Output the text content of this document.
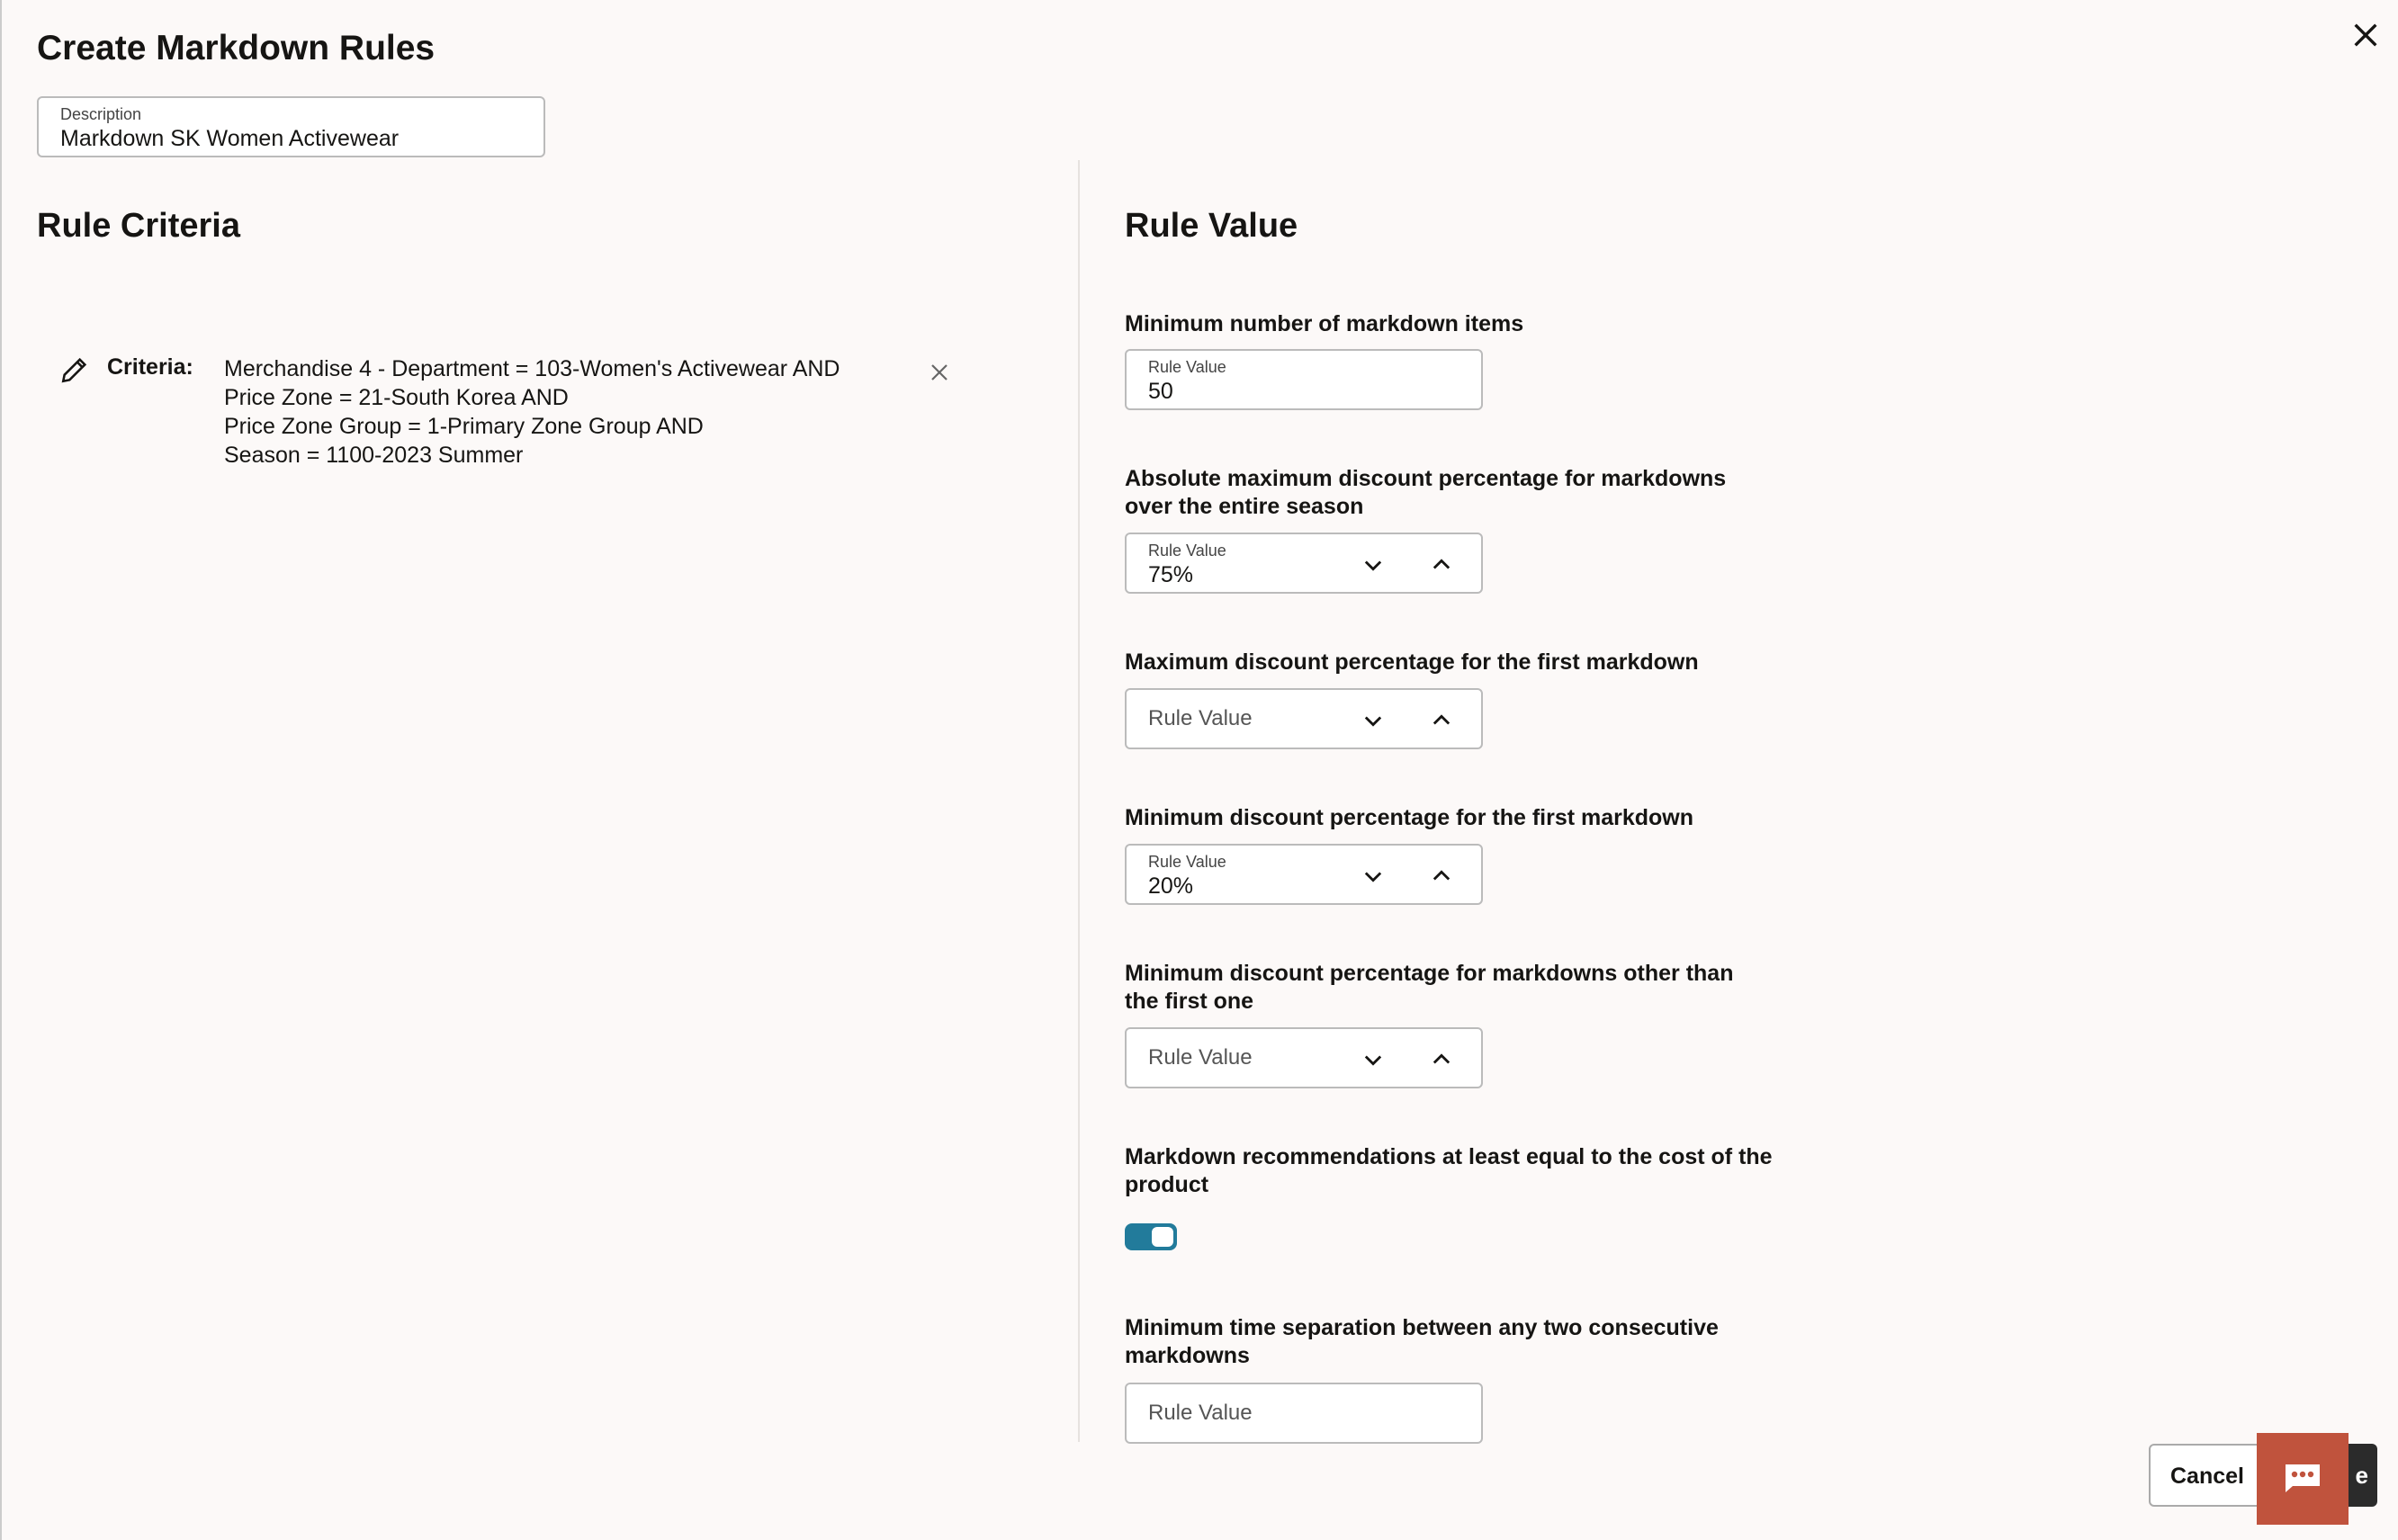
Create Markdown Rules
Description
Markdown SK Women Activewear
Rule Criteria
Criteria: Merchandise 4 - Department = 103-Women's Activewear AND
Price Zone = 21-South Korea AND
Price Zone Group = 1-Primary Zone Group AND
Season = 1100-2023 Summer
Rule Value
Minimum number of markdown items
Rule Value
50
Absolute maximum discount percentage for markdowns over the entire season
Rule Value
75%
Maximum discount percentage for the first markdown
Rule Value
Minimum discount percentage for the first markdown
Rule Value
20%
Minimum discount percentage for markdowns other than the first one
Rule Value
Markdown recommendations at least equal to the cost of the product
Minimum time separation between any two consecutive markdowns
Rule Value
e
Cancel
